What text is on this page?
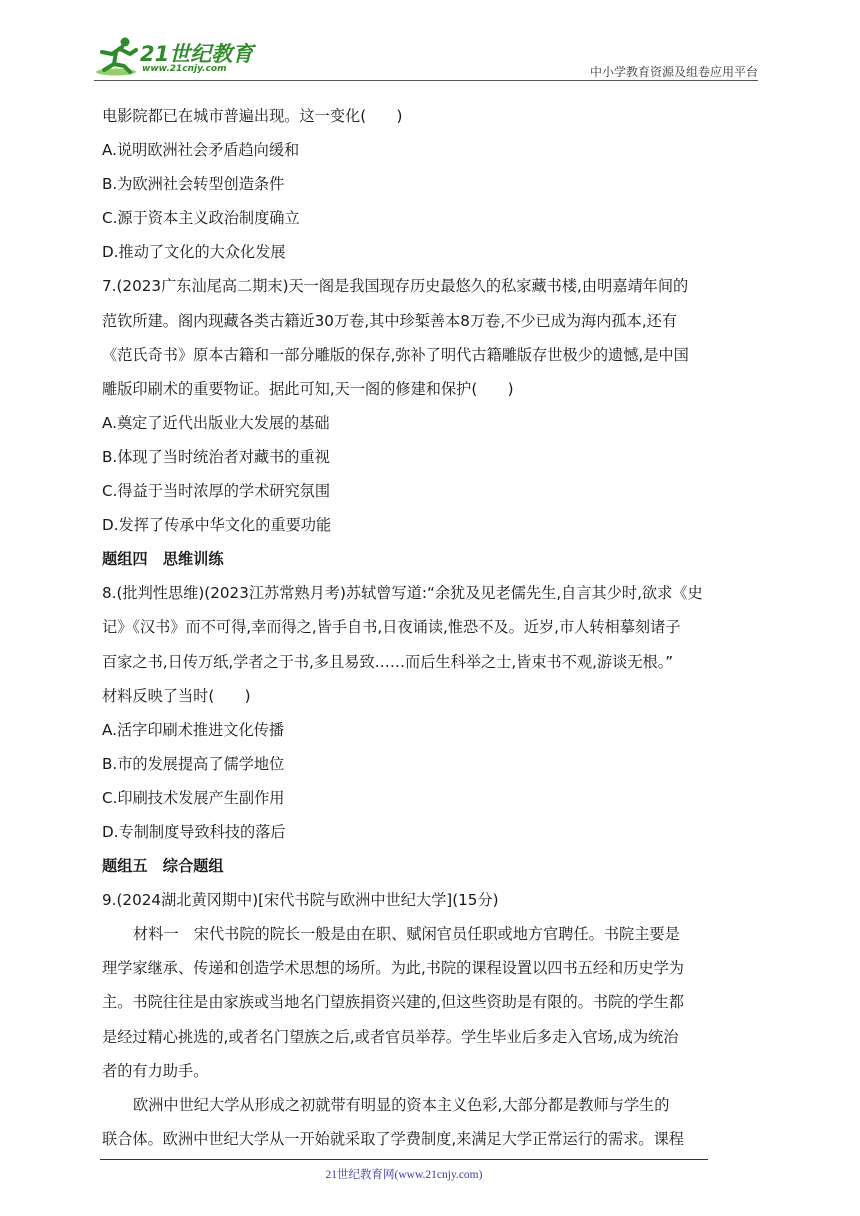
21世纪教育
www.21cnjy.com	中小学教育资源及组卷应用平台
电影院都已在城市普遍出现。这一变化(　　)
A.说明欧洲社会矛盾趋向缓和
B.为欧洲社会转型创造条件
C.源于资本主义政治制度确立
D.推动了文化的大众化发展
7.(2023广东汕尾高二期末)天一阁是我国现存历史最悠久的私家藏书楼,由明嘉靖年间的
范钦所建。阁内现藏各类古籍近30万卷,其中珍椠善本8万卷,不少已成为海内孤本,还有
《范氏奇书》原本古籍和一部分雕版的保存,弥补了明代古籍雕版存世极少的遗憾,是中国
雕版印刷术的重要物证。据此可知,天一阁的修建和保护(　　)
A.奠定了近代出版业大发展的基础
B.体现了当时统治者对藏书的重视
C.得益于当时浓厚的学术研究氛围
D.发挥了传承中华文化的重要功能
题组四　思维训练
8.(批判性思维)(2023江苏常熟月考)苏轼曾写道:“余犹及见老儒先生,自言其少时,欲求《史
记》《汉书》而不可得,幸而得之,皆手自书,日夜诵读,惟恐不及。近岁,市人转相摹刻诸子
百家之书,日传万纸,学者之于书,多且易致……而后生科举之士,皆束书不观,游谈无根。”
材料反映了当时(　　)
A.活字印刷术推进文化传播
B.市的发展提高了儒学地位
C.印刷技术发展产生副作用
D.专制制度导致科技的落后
题组五　综合题组
9.(2024湖北黄冈期中)[宋代书院与欧洲中世纪大学](15分)
材料一　宋代书院的院长一般是由在职、赋闲官员任职或地方官聘任。书院主要是
理学家继承、传递和创造学术思想的场所。为此,书院的课程设置以四书五经和历史学为
主。书院往往是由家族或当地名门望族捐资兴建的,但这些资助是有限的。书院的学生都
是经过精心挑选的,或者名门望族之后,或者官员举荐。学生毕业后多走入官场,成为统治
者的有力助手。
欧洲中世纪大学从形成之初就带有明显的资本主义色彩,大部分都是教师与学生的
联合体。欧洲中世纪大学从一开始就采取了学费制度,来满足大学正常运行的需求。课程
21世纪教育网(www.21cnjy.com)
